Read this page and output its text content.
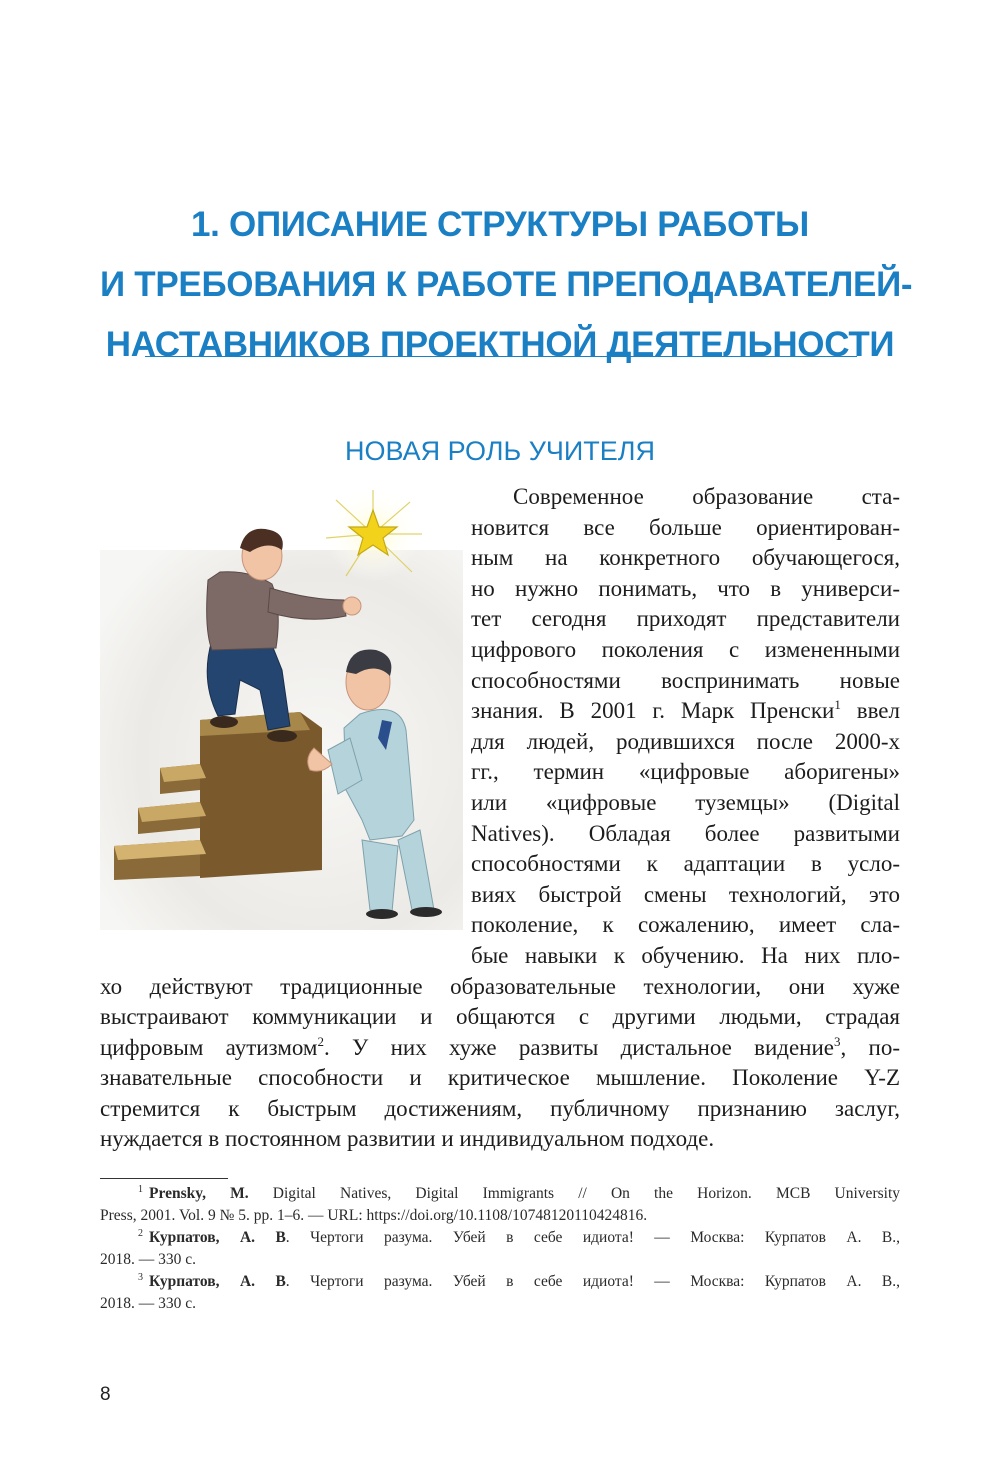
1. ОПИСАНИЕ СТРУКТУРЫ РАБОТЫ
И ТРЕБОВАНИЯ К РАБОТЕ ПРЕПОДАВАТЕЛЕЙ-
НАСТАВНИКОВ ПРОЕКТНОЙ ДЕЯТЕЛЬНОСТИ
НОВАЯ РОЛЬ УЧИТЕЛЯ
Современное образование ста-
новится все больше ориентирован-
ным на конкретного обучающегося,
но нужно понимать, что в универси-
тет сегодня приходят представители
цифрового поколения с измененными
способностями воспринимать новые
знания. В 2001 г. Марк Пренски$^1$ ввел
для людей, родившихся после 2000-х
гг., термин «цифровые аборигены»
или «цифровые туземцы» (Digital
Natives). Обладая более развитыми
способностями к адаптации в усло-
виях быстрой смены технологий, это
поколение, к сожалению, имеет сла-
бые навыки к обучению. На них пло-
хо действуют традиционные образовательные технологии, они хуже
выстраивают коммуникации и общаются с другими людьми, страдая
цифровым аутизмом$^2$. У них хуже развиты дистальное видение$^3$, по-
знавательные способности и критическое мышление. Поколение Y-Z
стремится к быстрым достижениям, публичному признанию заслуг,
нуждается в постоянном развитии и индивидуальном подходе.
$^1$ Prensky, M. Digital Natives, Digital Immigrants // On the Horizon. MCB University
Press, 2001. Vol. 9 № 5. pp. 1–6. — URL: https://doi.org/10.1108/10748120110424816.
$^2$ Курпатов, А. В. Чертоги разума. Убей в себе идиота! — Москва: Курпатов А. В.,
2018. — 330 с.
$^3$ Курпатов, А. В. Чертоги разума. Убей в себе идиота! — Москва: Курпатов А. В.,
2018. — 330 с.
8
